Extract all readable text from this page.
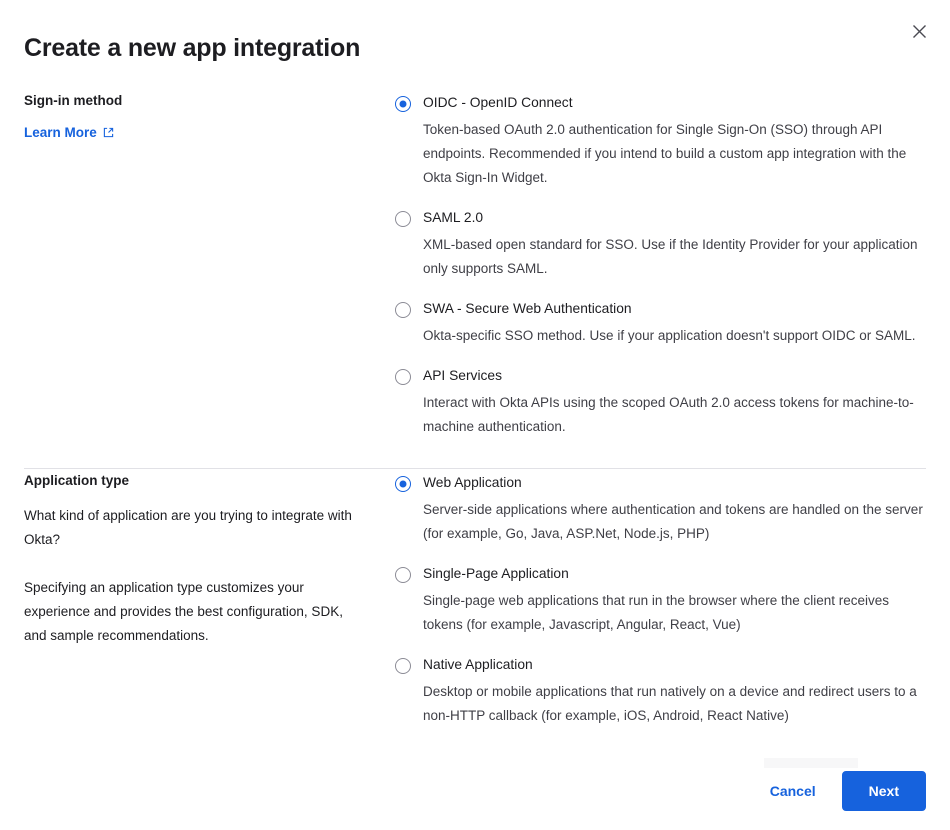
Create a new app integration
Sign-in method
Learn More
OIDC - OpenID Connect
Token-based OAuth 2.0 authentication for Single Sign-On (SSO) through API endpoints. Recommended if you intend to build a custom app integration with the Okta Sign-In Widget.
SAML 2.0
XML-based open standard for SSO. Use if the Identity Provider for your application only supports SAML.
SWA - Secure Web Authentication
Okta-specific SSO method. Use if your application doesn't support OIDC or SAML.
API Services
Interact with Okta APIs using the scoped OAuth 2.0 access tokens for machine-to-machine authentication.
Application type

What kind of application are you trying to integrate with Okta?

Specifying an application type customizes your experience and provides the best configuration, SDK, and sample recommendations.

Web Application
Server-side applications where authentication and tokens are handled on the server (for example, Go, Java, ASP.Net, Node.js, PHP)
Single-Page Application
Single-page web applications that run in the browser where the client receives tokens (for example, Javascript, Angular, React, Vue)
Native Application
Desktop or mobile applications that run natively on a device and redirect users to a non-HTTP callback (for example, iOS, Android, React Native)
Cancel	Next
